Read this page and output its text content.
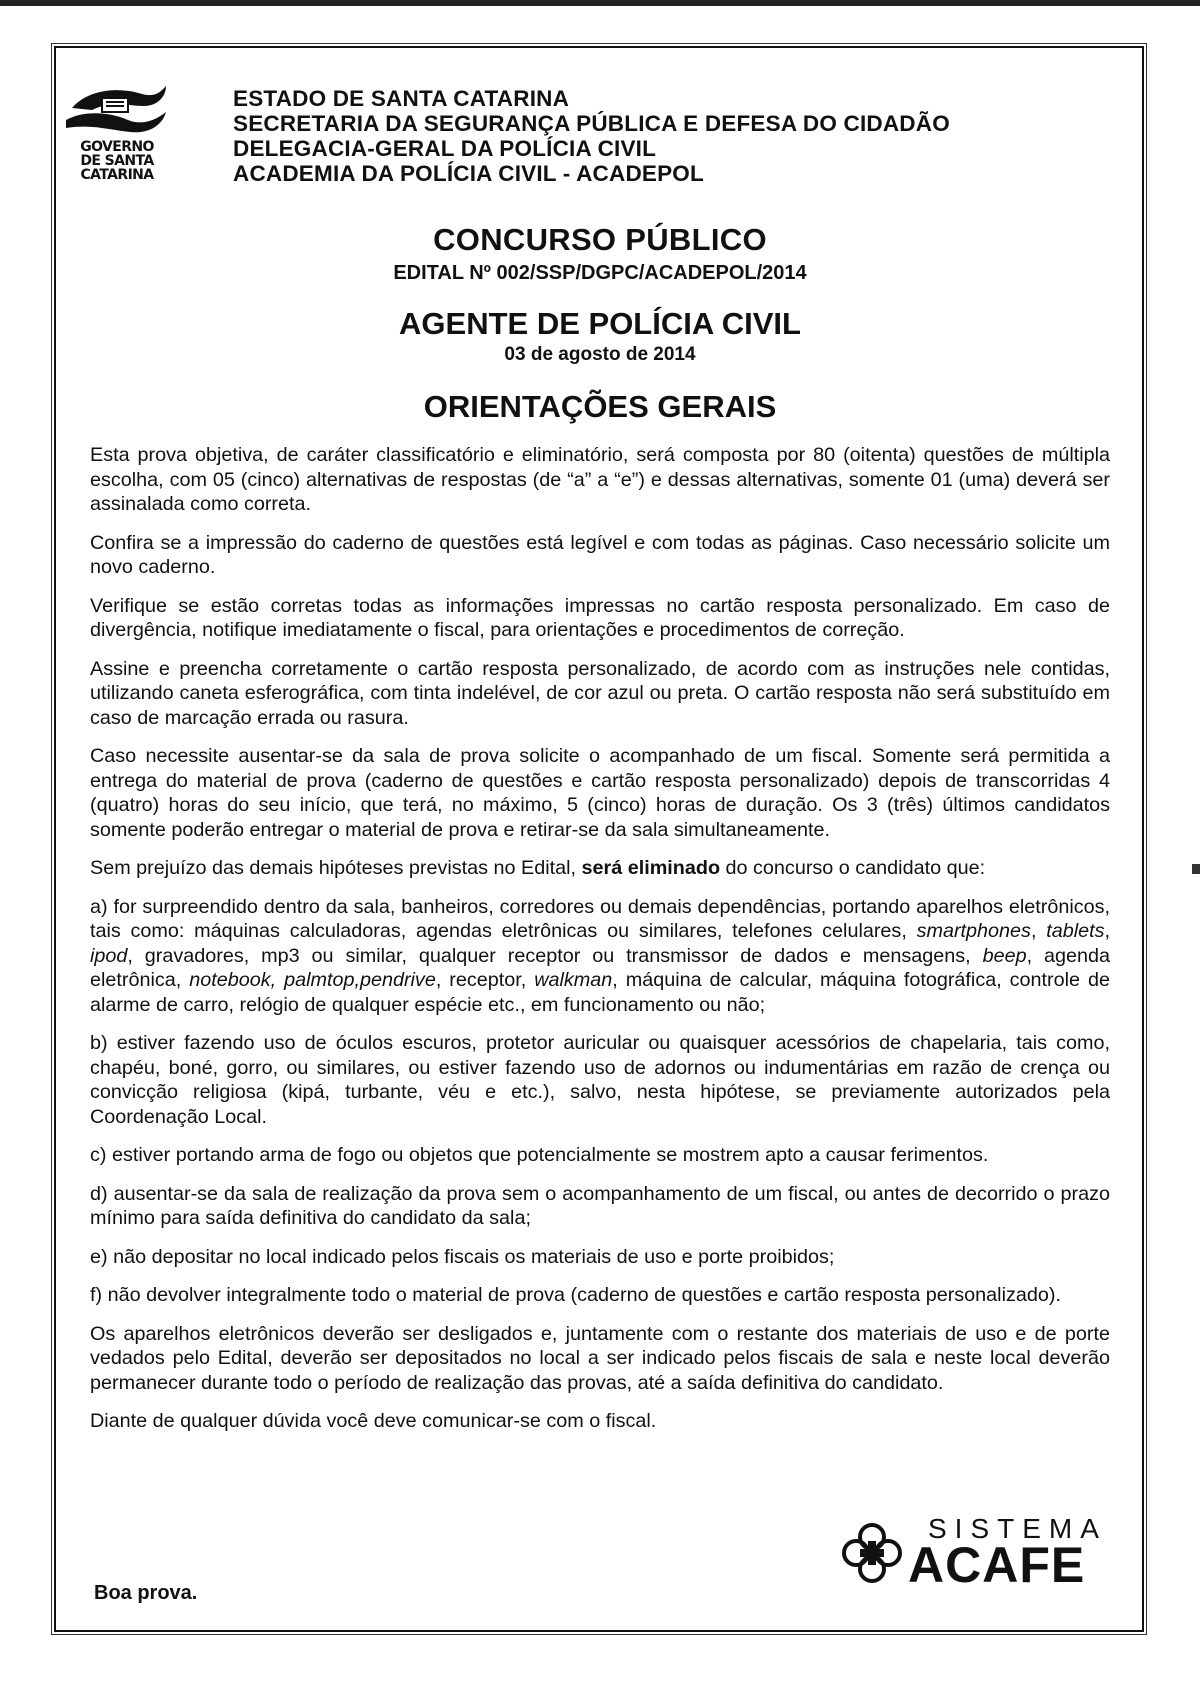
GOVERNO
DE SANTA
CATARINA
ESTADO DE SANTA CATARINA
SECRETARIA DA SEGURANÇA PÚBLICA E DEFESA DO CIDADÃO
DELEGACIA-GERAL DA POLÍCIA CIVIL
ACADEMIA DA POLÍCIA CIVIL - ACADEPOL
CONCURSO PÚBLICO
EDITAL Nº 002/SSP/DGPC/ACADEPOL/2014
AGENTE DE POLÍCIA CIVIL
03 de agosto de 2014
ORIENTAÇÕES GERAIS

Esta prova objetiva, de caráter classificatório e eliminatório, será composta por 80 (oitenta) questões de múltipla escolha, com 05 (cinco) alternativas de respostas (de “a” a “e”) e dessas alternativas, somente 01 (uma) deverá ser assinalada como correta.

Confira se a impressão do caderno de questões está legível e com todas as páginas. Caso necessário solicite um novo caderno.

Verifique se estão corretas todas as informações impressas no cartão resposta personalizado. Em caso de divergência, notifique imediatamente o fiscal, para orientações e procedimentos de correção.

Assine e preencha corretamente o cartão resposta personalizado, de acordo com as instruções nele contidas, utilizando caneta esferográfica, com tinta indelével, de cor azul ou preta. O cartão resposta não será substituído em caso de marcação errada ou rasura.

Caso necessite ausentar-se da sala de prova solicite o acompanhado de um fiscal. Somente será permitida a entrega do material de prova (caderno de questões e cartão resposta personalizado) depois de transcorridas 4 (quatro) horas do seu início, que terá, no máximo, 5 (cinco) horas de duração. Os 3 (três) últimos candidatos somente poderão entregar o material de prova e retirar-se da sala simultaneamente.

Sem prejuízo das demais hipóteses previstas no Edital, será eliminado do concurso o candidato que:

a) for surpreendido dentro da sala, banheiros, corredores ou demais dependências, portando aparelhos eletrônicos, tais como: máquinas calculadoras, agendas eletrônicas ou similares, telefones celulares, smartphones, tablets, ipod, gravadores, mp3 ou similar, qualquer receptor ou transmissor de dados e mensagens, beep, agenda eletrônica, notebook, palmtop,pendrive, receptor, walkman, máquina de calcular, máquina fotográfica, controle de alarme de carro, relógio de qualquer espécie etc., em funcionamento ou não;

b) estiver fazendo uso de óculos escuros, protetor auricular ou quaisquer acessórios de chapelaria, tais como, chapéu, boné, gorro, ou similares, ou estiver fazendo uso de adornos ou indumentárias em razão de crença ou convicção religiosa (kipá, turbante, véu e etc.), salvo, nesta hipótese, se previamente autorizados pela Coordenação Local.

c) estiver portando arma de fogo ou objetos que potencialmente se mostrem apto a causar ferimentos.

d) ausentar-se da sala de realização da prova sem o acompanhamento de um fiscal, ou antes de decorrido o prazo mínimo para saída definitiva do candidato da sala;

e) não depositar no local indicado pelos fiscais os materiais de uso e porte proibidos;

f) não devolver integralmente todo o material de prova (caderno de questões e cartão resposta personalizado).

Os aparelhos eletrônicos deverão ser desligados e, juntamente com o restante dos materiais de uso e de porte vedados pelo Edital, deverão ser depositados no local a ser indicado pelos fiscais de sala e neste local deverão permanecer durante todo o período de realização das provas, até a saída definitiva do candidato.

Diante de qualquer dúvida você deve comunicar-se com o fiscal.

Boa prova.
SISTEMA
ACAFE
